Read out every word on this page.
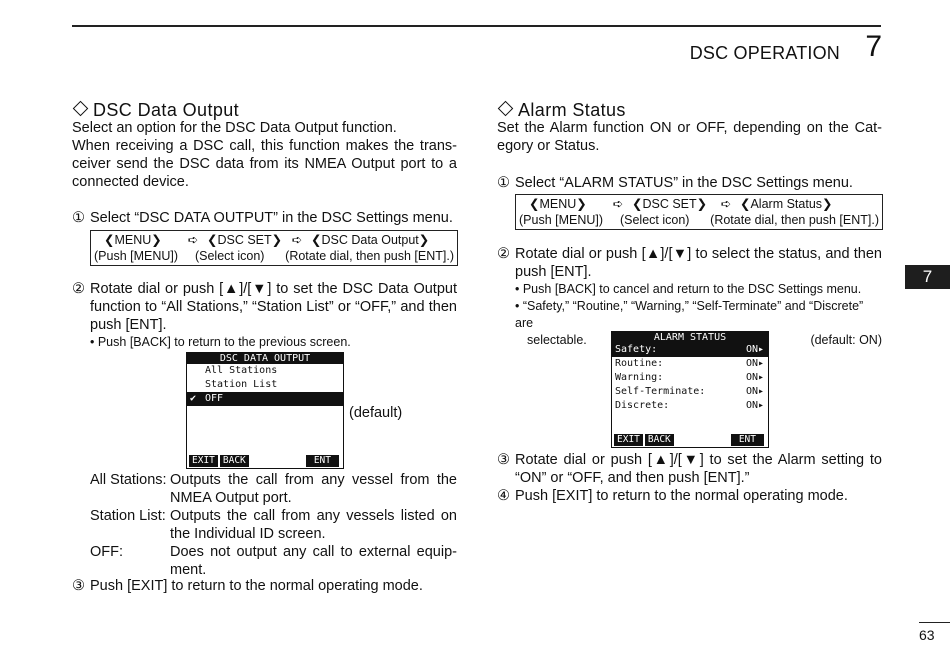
DSC OPERATION 7
DSC Data Output

Select an option for the DSC Data Output function.

When receiving a DSC call, this function makes the trans-ceiver send the DSC data from its NMEA Output port to a connected device.

① Select “DSC DATA OUTPUT” in the DSC Settings menu.
❮MENU❯	➪ ❮DSC SET❯ ➪ ❮DSC Data Output❯
(Push [MENU])	(Select icon)	(Rotate dial, then push [ENT].)
② Rotate dial or push [▲]/[▼] to set the DSC Data Output function to “All Stations,” “Station List” or “OFF,” and then push [ENT].
• Push [BACK] to return to the previous screen.
DSC DATA OUTPUT
All Stations
Station List
✔ OFF
EXIT BACK	ENT
(default)
All Stations: Outputs the call from any vessel from the NMEA Output port.
Station List: Outputs the call from any vessels listed on the Individual ID screen.
OFF:	Does not output any call to external equip-ment.
③ Push [EXIT] to return to the normal operating mode.
Alarm Status

Set the Alarm function ON or OFF, depending on the Cat-egory or Status.

① Select “ALARM STATUS” in the DSC Settings menu.
❮MENU❯	➪ ❮DSC SET❯	➪ ❮Alarm Status❯
(Push [MENU])	(Select icon)	(Rotate dial, then push [ENT].)
② Rotate dial or push [▲]/[▼] to select the status, and then push [ENT].
• Push [BACK] to cancel and return to the DSC Settings menu.
• “Safety,” “Routine,” “Warning,” “Self-Terminate” and “Discrete” are
selectable.	(default: ON)
ALARM STATUS
Safety:	ON▸
Routine:	ON▸
Warning:	ON▸
Self-Terminate:	ON▸
Discrete:	ON▸
EXIT BACK	ENT
③ Rotate dial or push [▲]/[▼] to set the Alarm setting to “ON” or “OFF, and then push [ENT].”
④ Push [EXIT] to return to the normal operating mode.
7
63
